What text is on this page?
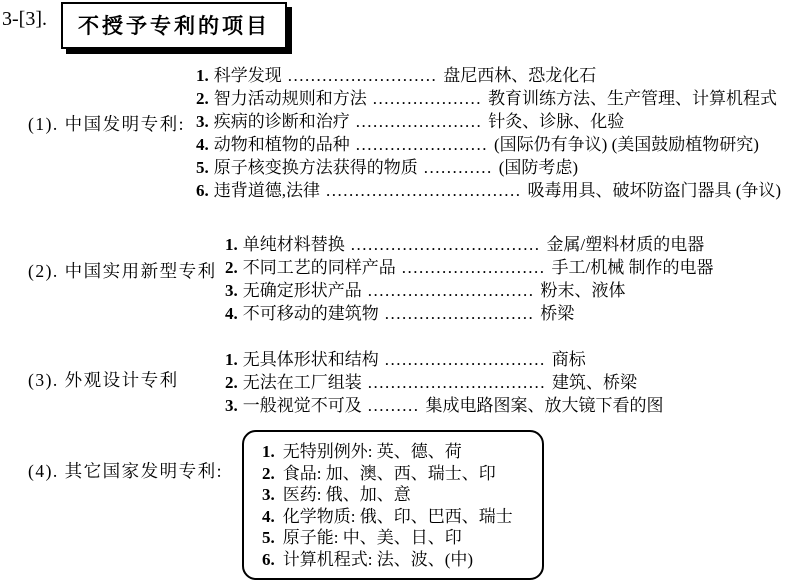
3-[3].	不授予专利的项目
(1). 中国发明专利:
1. 科学发现 .......................... 盘尼西林、恐龙化石
2. 智力活动规则和方法 ................... 教育训练方法、生产管理、计算机程式
3. 疾病的诊断和治疗 ...................... 针灸、诊脉、化验
4. 动物和植物的品种 ....................... (国际仍有争议) (美国鼓励植物研究)
5. 原子核变换方法获得的物质 ............ (国防考虑)
6. 违背道德,法律 .................................. 吸毒用具、破坏防盗门器具 (争议)
(2). 中国实用新型专利
1. 单纯材料替换 ................................. 金属/塑料材质的电器
2. 不同工艺的同样产品 ......................... 手工/机械 制作的电器
3. 无确定形状产品 ............................. 粉末、液体
4. 不可移动的建筑物 .......................... 桥梁
(3). 外观设计专利
1. 无具体形状和结构 ............................ 商标
2. 无法在工厂组装 ............................... 建筑、桥梁
3. 一般视觉不可及 ......... 集成电路图案、放大镜下看的图
(4). 其它国家发明专利:
1. 无特别例外: 英、德、荷
2. 食品: 加、澳、西、瑞士、印
3. 医药: 俄、加、意
4. 化学物质: 俄、印、巴西、瑞士
5. 原子能: 中、美、日、印
6. 计算机程式: 法、波、(中)
